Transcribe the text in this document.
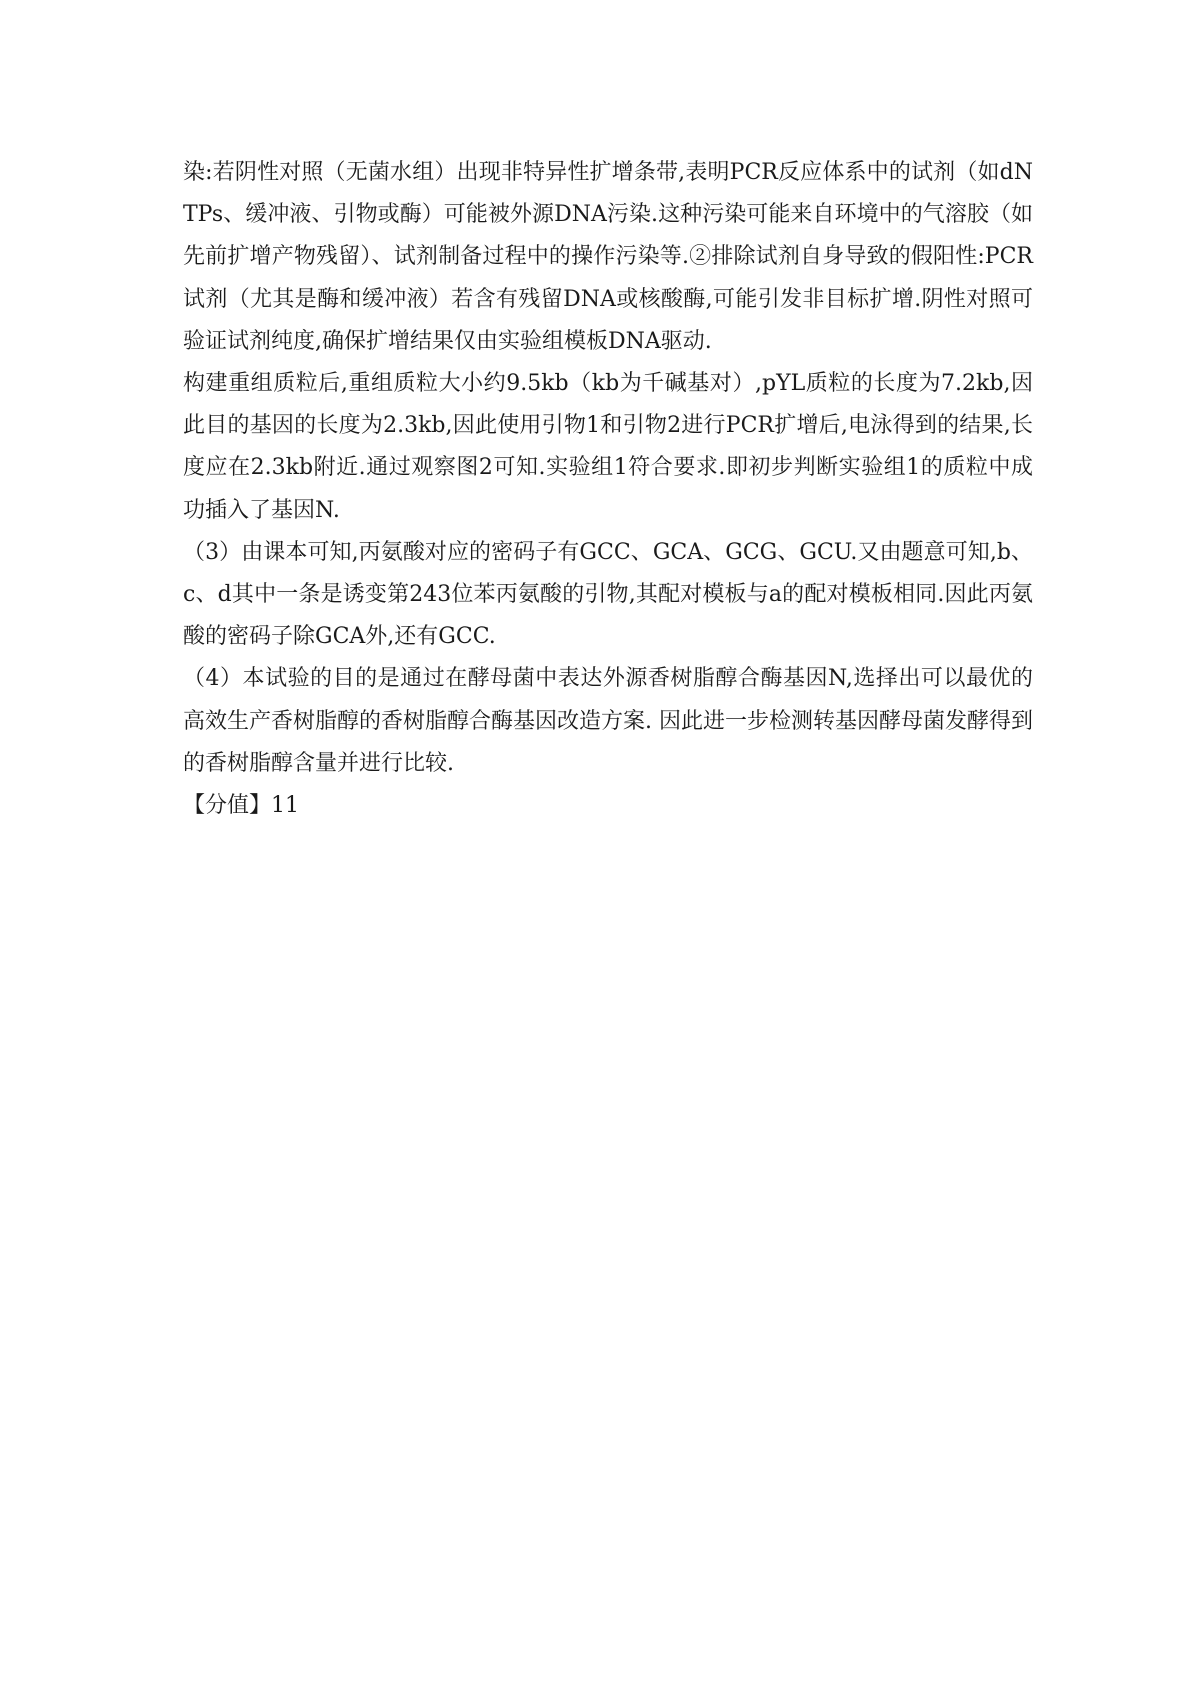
染:若阴性对照（无菌水组）出现非特异性扩增条带,表明PCR反应体系中的试剂（如dNTPs、缓冲液、引物或酶）可能被外源DNA污染.这种污染可能来自环境中的气溶胶（如先前扩增产物残留）、试剂制备过程中的操作污染等.②排除试剂自身导致的假阳性:PCR试剂（尤其是酶和缓冲液）若含有残留DNA或核酸酶,可能引发非目标扩增.阴性对照可验证试剂纯度,确保扩增结果仅由实验组模板DNA驱动.

构建重组质粒后,重组质粒大小约9.5kb（kb为千碱基对）,pYL质粒的长度为7.2kb,因此目的基因的长度为2.3kb,因此使用引物1和引物2进行PCR扩增后,电泳得到的结果,长度应在2.3kb附近.通过观察图2可知.实验组1符合要求.即初步判断实验组1的质粒中成功插入了基因N.

（3）由课本可知,丙氨酸对应的密码子有GCC、GCA、GCG、GCU.又由题意可知,b、c、d其中一条是诱变第243位苯丙氨酸的引物,其配对模板与a的配对模板相同.因此丙氨酸的密码子除GCA外,还有GCC.

（4）本试验的目的是通过在酵母菌中表达外源香树脂醇合酶基因N,选择出可以最优的高效生产香树脂醇的香树脂醇合酶基因改造方案. 因此进一步检测转基因酵母菌发酵得到的香树脂醇含量并进行比较.

【分值】11
